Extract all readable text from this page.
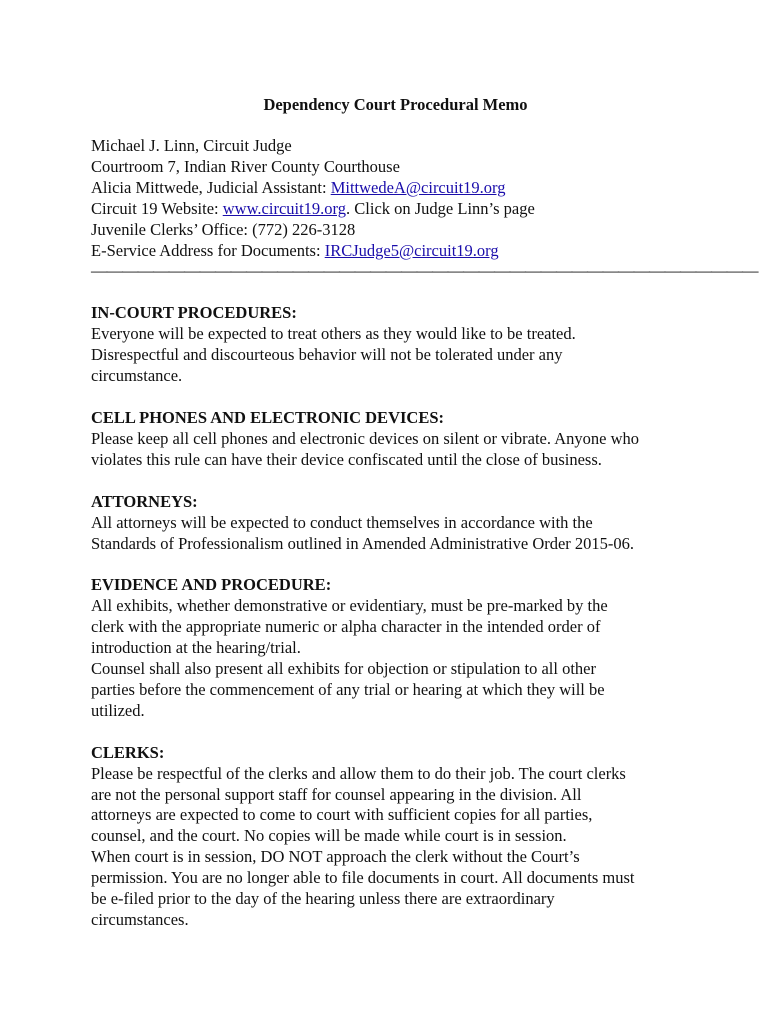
Dependency Court Procedural Memo

Michael J. Linn, Circuit Judge

Courtroom 7, Indian River County Courthouse

Alicia Mittwede, Judicial Assistant: MittwedeA@circuit19.org

Circuit 19 Website: www.circuit19.org. Click on Judge Linn’s page

Juvenile Clerks’ Office: (772) 226-3128

E-Service Address for Documents: IRCJudge5@circuit19.org

———————————————————————————————————————————

IN-COURT PROCEDURES:

Everyone will be expected to treat others as they would like to be treated.

Disrespectful and discourteous behavior will not be tolerated under any

circumstance.

CELL PHONES AND ELECTRONIC DEVICES:

Please keep all cell phones and electronic devices on silent or vibrate. Anyone who

violates this rule can have their device confiscated until the close of business.

ATTORNEYS:

All attorneys will be expected to conduct themselves in accordance with the

Standards of Professionalism outlined in Amended Administrative Order 2015-06.

EVIDENCE AND PROCEDURE:

All exhibits, whether demonstrative or evidentiary, must be pre-marked by the

clerk with the appropriate numeric or alpha character in the intended order of

introduction at the hearing/trial.

Counsel shall also present all exhibits for objection or stipulation to all other

parties before the commencement of any trial or hearing at which they will be

utilized.

CLERKS:

Please be respectful of the clerks and allow them to do their job. The court clerks

are not the personal support staff for counsel appearing in the division. All

attorneys are expected to come to court with sufficient copies for all parties,

counsel, and the court. No copies will be made while court is in session.

When court is in session, DO NOT approach the clerk without the Court’s

permission. You are no longer able to file documents in court. All documents must

be e-filed prior to the day of the hearing unless there are extraordinary

circumstances.
